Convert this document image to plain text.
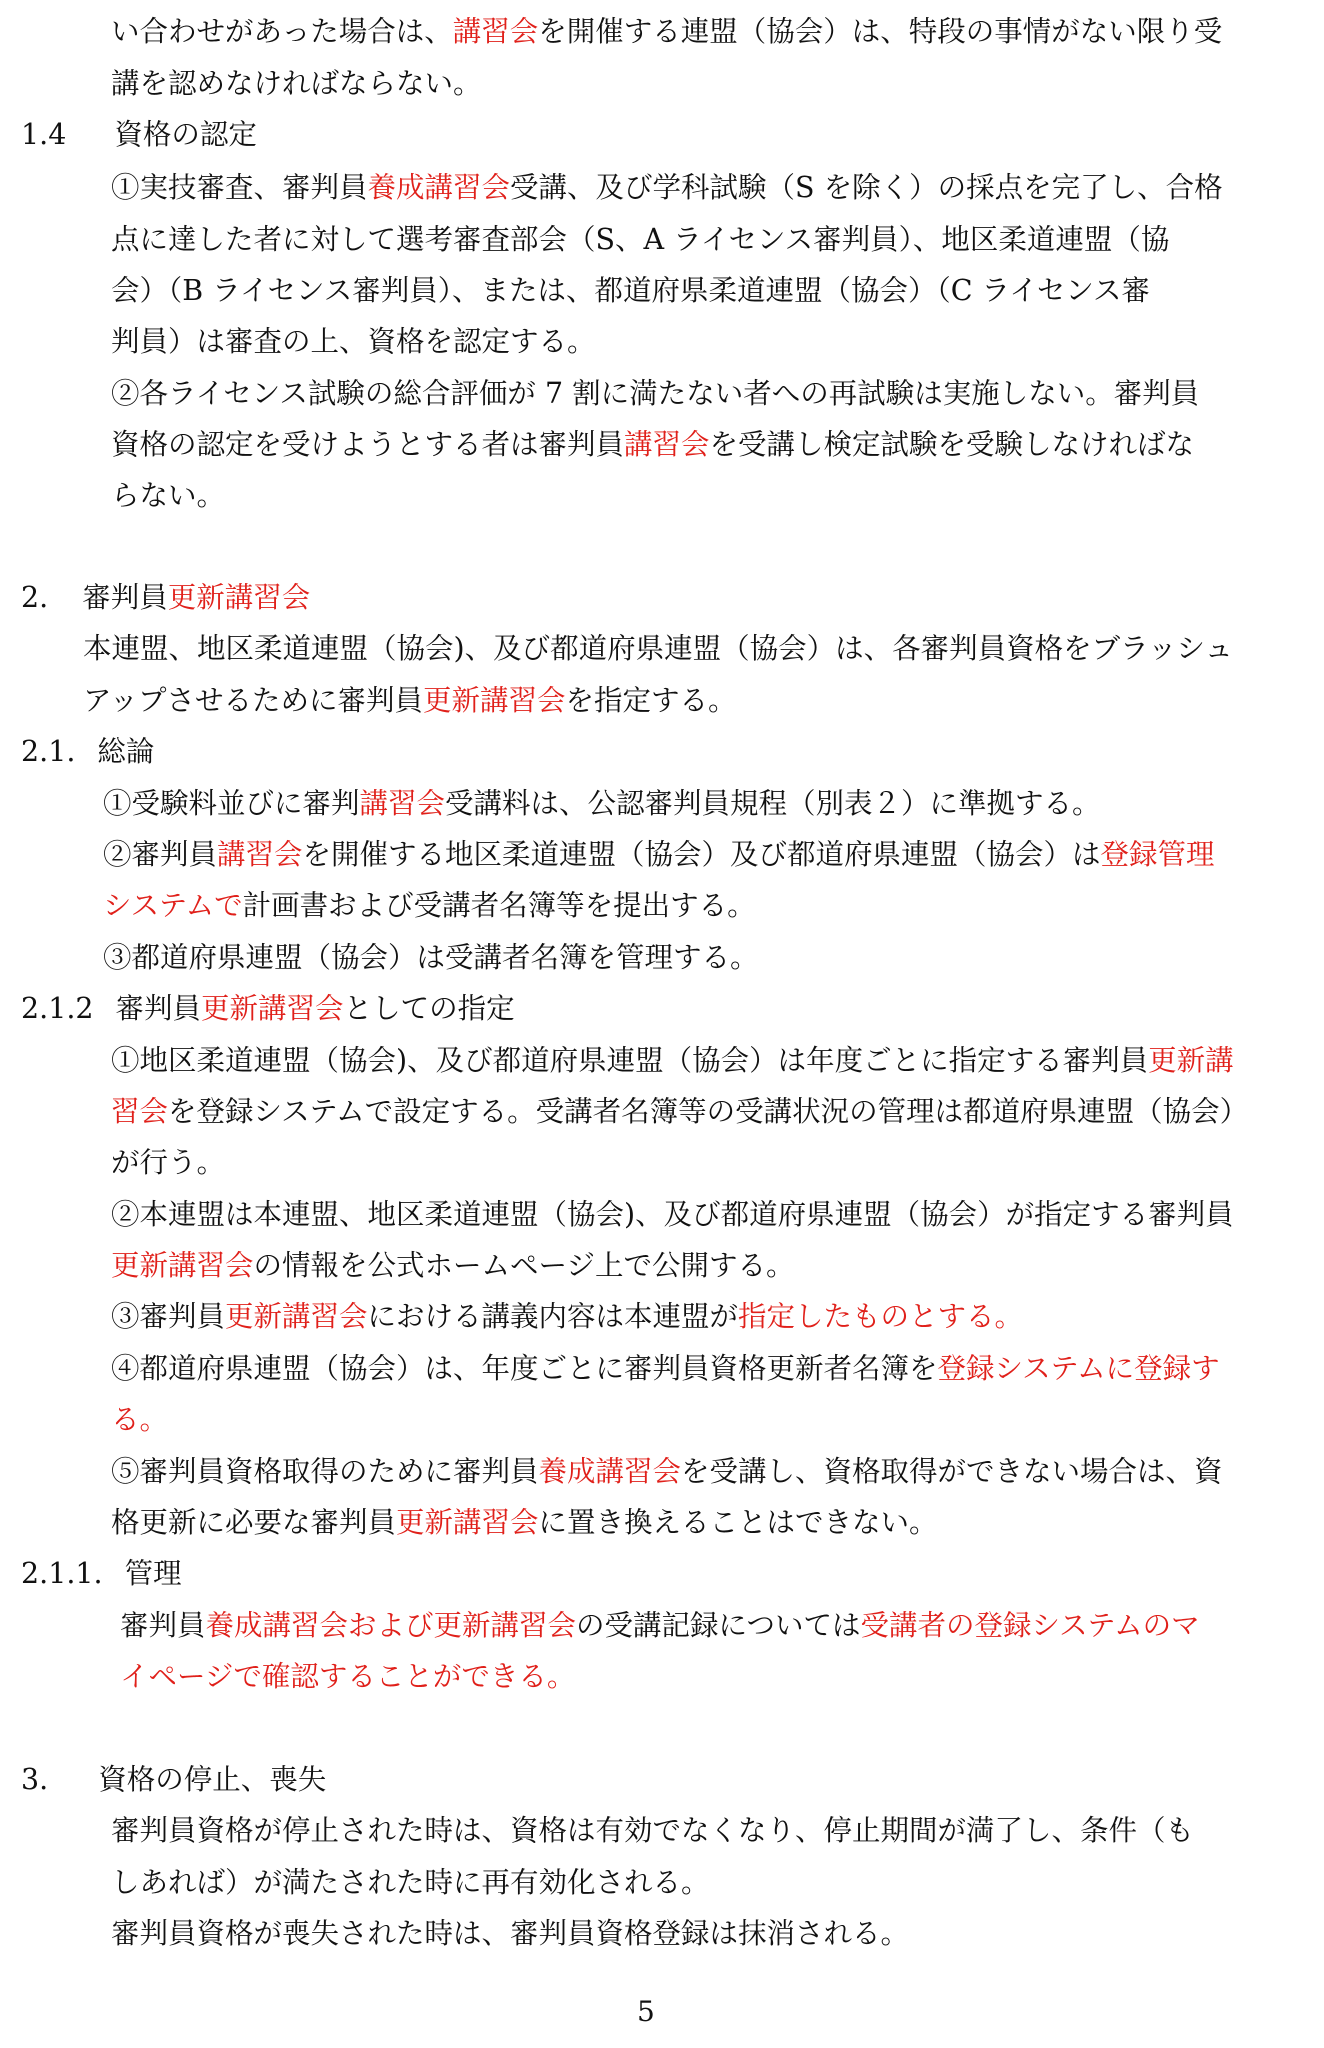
い合わせがあった場合は、講習会を開催する連盟（協会）は、特段の事情がない限り受
講を認めなければならない。
1.4 資格の認定
①実技審査、審判員養成講習会受講、及び学科試験（S を除く）の採点を完了し、合格
点に達した者に対して選考審査部会（S、A ライセンス審判員）、地区柔道連盟（協
会）（B ライセンス審判員）、または、都道府県柔道連盟（協会）（C ライセンス審
判員）は審査の上、資格を認定する。
②各ライセンス試験の総合評価が 7 割に満たない者への再試験は実施しない。審判員
資格の認定を受けようとする者は審判員講習会を受講し検定試験を受験しなければな
らない。
2. 審判員更新講習会
本連盟、地区柔道連盟（協会)、及び都道府県連盟（協会）は、各審判員資格をブラッシュ
アップさせるために審判員更新講習会を指定する。
2.1. 総論
①受験料並びに審判講習会受講料は、公認審判員規程（別表２）に準拠する。
②審判員講習会を開催する地区柔道連盟（協会）及び都道府県連盟（協会）は登録管理
システムで計画書および受講者名簿等を提出する。
③都道府県連盟（協会）は受講者名簿を管理する。
2.1.2 審判員更新講習会としての指定
①地区柔道連盟（協会)、及び都道府県連盟（協会）は年度ごとに指定する審判員更新講
習会を登録システムで設定する。受講者名簿等の受講状況の管理は都道府県連盟（協会）
が行う。
②本連盟は本連盟、地区柔道連盟（協会)、及び都道府県連盟（協会）が指定する審判員
更新講習会の情報を公式ホームページ上で公開する。
③審判員更新講習会における講義内容は本連盟が指定したものとする。
④都道府県連盟（協会）は、年度ごとに審判員資格更新者名簿を登録システムに登録す
る。
⑤審判員資格取得のために審判員養成講習会を受講し、資格取得ができない場合は、資
格更新に必要な審判員更新講習会に置き換えることはできない。
2.1.1. 管理
審判員養成講習会および更新講習会の受講記録については受講者の登録システムのマ
イページで確認することができる。
3. 資格の停止、喪失
審判員資格が停止された時は、資格は有効でなくなり、停止期間が満了し、条件（も
しあれば）が満たされた時に再有効化される。
審判員資格が喪失された時は、審判員資格登録は抹消される。
5
